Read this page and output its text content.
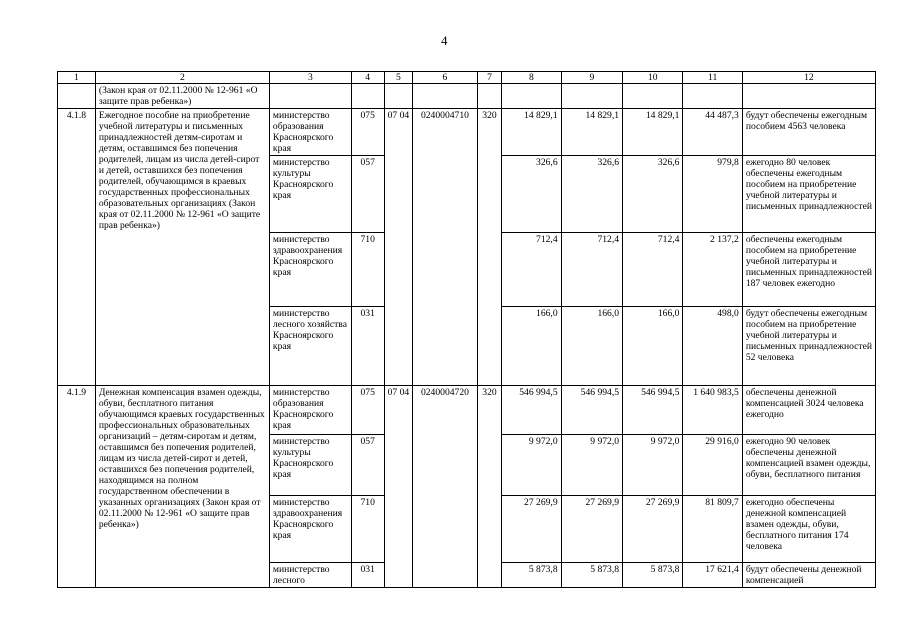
4
1	2	3	4	5	6	7	8	9	10	11	12
	(Закон края от 02.11.2000 № 12-961 «О защите прав ребенка»)										
4.1.8	Ежегодное пособие на приобретение учебной литературы и письменных принадлежностей детям-сиротам и детям, оставшимся без попечения родителей, лицам из числа детей-сирот и детей, оставшихся без попечения родителей, обучающимся в краевых государственных профессиональных образовательных организациях (Закон края от 02.11.2000 № 12-961 «О защите прав ребенка»)	министерство образования Красноярского края	075	07 04	0240004710	320	14 829,1	14 829,1	14 829,1	44 487,3	будут обеспечены ежегодным пособием 4563 человека
		министерство культуры Красноярского края	057				326,6	326,6	326,6	979,8	ежегодно 80 человек обеспечены ежегодным пособием на приобретение учебной литературы и письменных принадлежностей
		министерство здравоохранения Красноярского края	710				712,4	712,4	712,4	2 137,2	обеспечены ежегодным пособием на приобретение учебной литературы и письменных принадлежностей 187 человек ежегодно
		министерство лесного хозяйства Красноярского края	031				166,0	166,0	166,0	498,0	будут обеспечены ежегодным пособием на приобретение учебной литературы и письменных принадлежностей 52 человека
4.1.9	Денежная компенсация взамен одежды, обуви, бесплатного питания обучающимся краевых государственных профессиональных образовательных организаций – детям-сиротам и детям, оставшимся без попечения родителей, лицам из числа детей-сирот и детей, оставшихся без попечения родителей, находящимся на полном государственном обеспечении в указанных организациях (Закон края от 02.11.2000 № 12-961 «О защите прав ребенка»)	министерство образования Красноярского края	075	07 04	0240004720	320	546 994,5	546 994,5	546 994,5	1 640 983,5	обеспечены денежной компенсацией 3024 человека ежегодно
		министерство культуры Красноярского края	057				9 972,0	9 972,0	9 972,0	29 916,0	ежегодно 90 человек обеспечены денежной компенсацией взамен одежды, обуви, бесплатного питания
		министерство здравоохранения Красноярского края	710				27 269,9	27 269,9	27 269,9	81 809,7	ежегодно обеспечены денежной компенсацией взамен одежды, обуви, бесплатного питания 174 человека
		министерство лесного	031				5 873,8	5 873,8	5 873,8	17 621,4	будут обеспечены денежной компенсацией
